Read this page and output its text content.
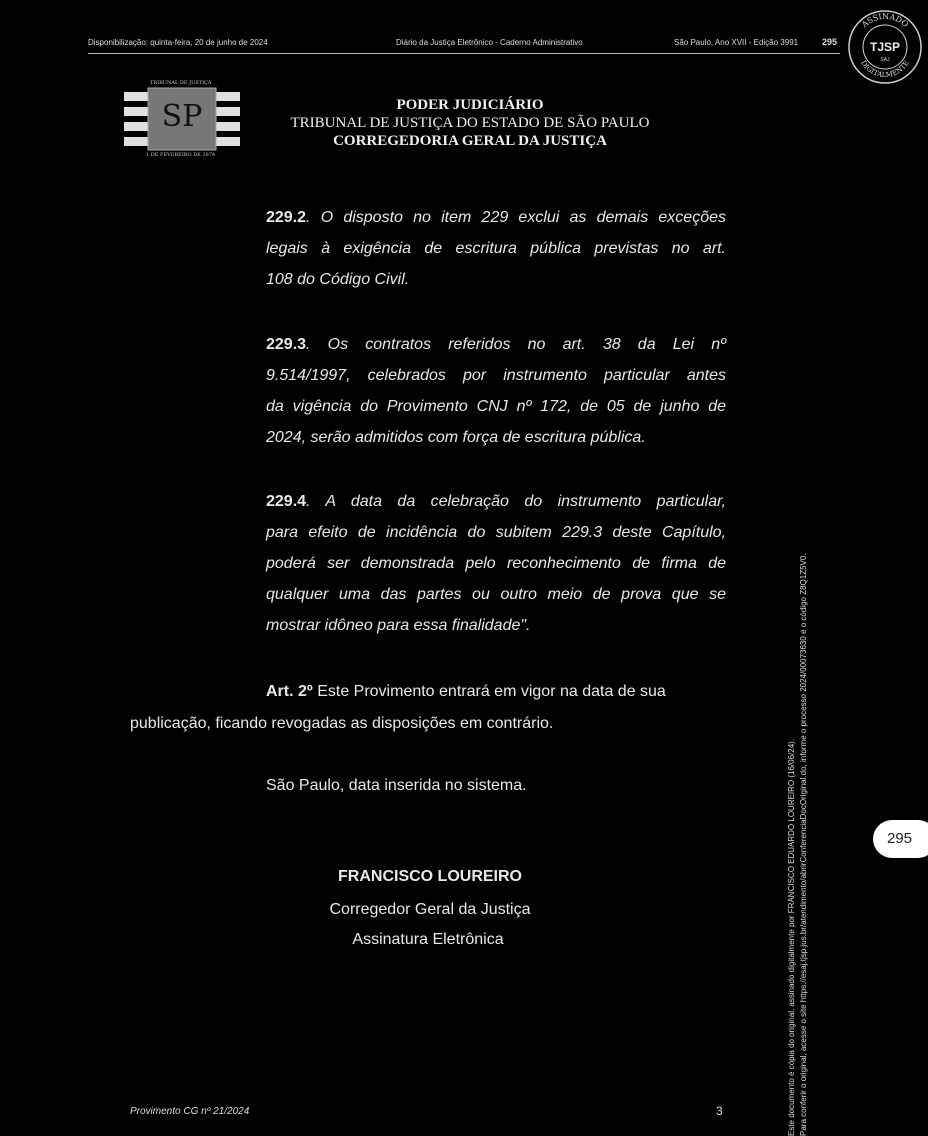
Disponibilização: quinta-feira, 20 de junho de 2024	Diário da Justiça Eletrônico - Caderno Administrativo	São Paulo, Ano XVII - Edição 3991	295
ASSINADO
DIGITALMENTE
TJSP
SAJ
TRIBUNAL DE JUSTIÇA
SP
1 DE FEVEREIRO DE 1874
PODER JUDICIÁRIO
TRIBUNAL DE JUSTIÇA DO ESTADO DE SÃO PAULO
CORREGEDORIA GERAL DA JUSTIÇA
229.2. O disposto no item 229 exclui as demais exceções
legais à exigência de escritura pública previstas no art.
108 do Código Civil.
229.3. Os contratos referidos no art. 38 da Lei nº
9.514/1997, celebrados por instrumento particular antes
da vigência do Provimento CNJ nº 172, de 05 de junho de
2024, serão admitidos com força de escritura pública.
229.4. A data da celebração do instrumento particular,
para efeito de incidência do subitem 229.3 deste Capítulo,
poderá ser demonstrada pelo reconhecimento de firma de
qualquer uma das partes ou outro meio de prova que se
mostrar idôneo para essa finalidade".
Art. 2º Este Provimento entrará em vigor na data de sua
publicação, ficando revogadas as disposições em contrário.
São Paulo, data inserida no sistema.
FRANCISCO LOUREIRO
Corregedor Geral da Justiça
Assinatura Eletrônica
Provimento CG nº 21/2024	3	Este documento é cópia do original, assinado digitalmente por FRANCISCO EDUARDO LOUREIRO (16/06/24). Para conferir o original, acesse o site https://esaj.tjsp.jus.br/atendimento/abrirConferenciaDocOriginal.do, informe o processo 2024/00073630 e o código Z8Q1Z5V0.	295
